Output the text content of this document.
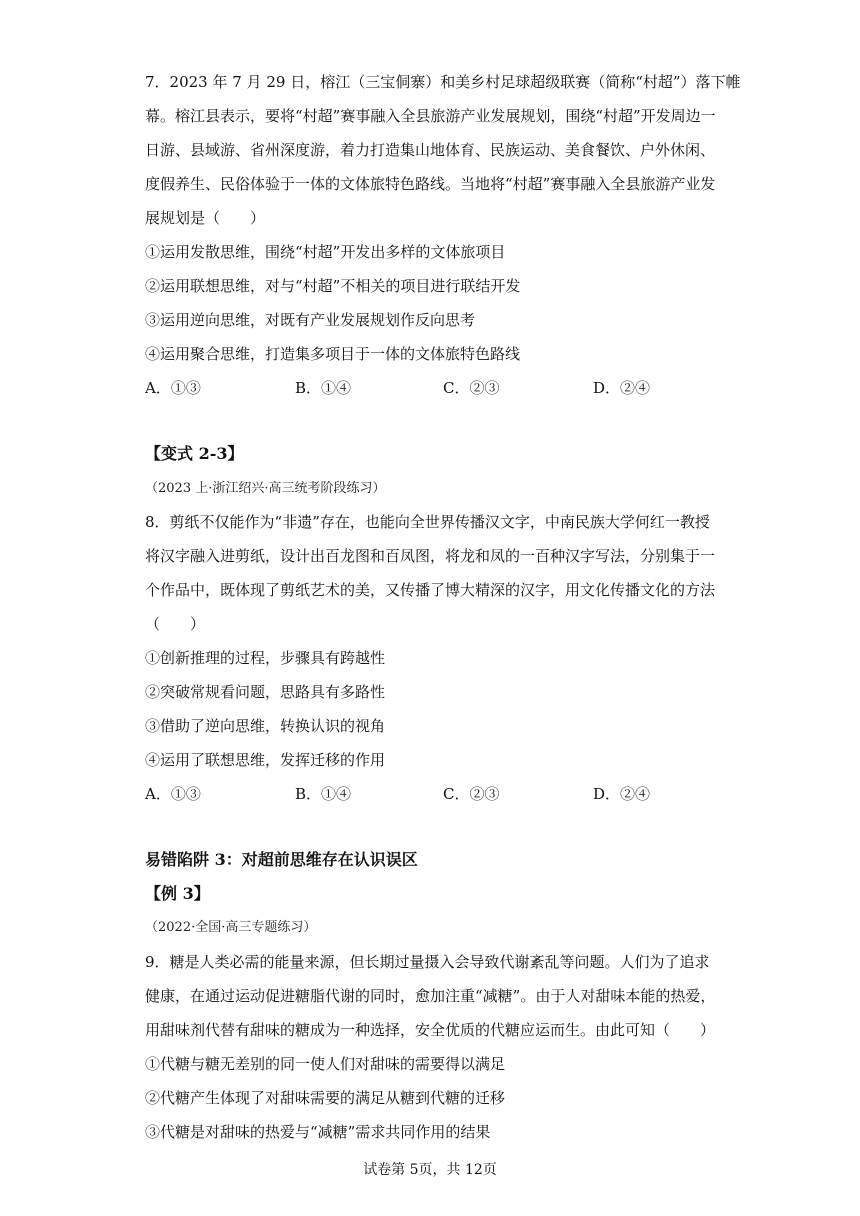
7．2023 年 7 月 29 日，榕江（三宝侗寨）和美乡村足球超级联赛（简称“村超”）落下帷
幕。榕江县表示，要将“村超”赛事融入全县旅游产业发展规划，围绕“村超”开发周边一
日游、县域游、省州深度游，着力打造集山地体育、民族运动、美食餐饮、户外休闲、
度假养生、民俗体验于一体的文体旅特色路线。当地将“村超”赛事融入全县旅游产业发
展规划是（　　）
①运用发散思维，围绕“村超”开发出多样的文体旅项目
②运用联想思维，对与“村超”不相关的项目进行联结开发
③运用逆向思维，对既有产业发展规划作反向思考
④运用聚合思维，打造集多项目于一体的文体旅特色路线
A．①③	B．①④	C．②③	D．②④
【变式 2-3】
（2023 上·浙江绍兴·高三统考阶段练习）
8．剪纸不仅能作为“非遗”存在，也能向全世界传播汉文字，中南民族大学何红一教授
将汉字融入进剪纸，设计出百龙图和百凤图，将龙和凤的一百种汉字写法，分别集于一
个作品中，既体现了剪纸艺术的美，又传播了博大精深的汉字，用文化传播文化的方法
（　　）
①创新推理的过程，步骤具有跨越性
②突破常规看问题，思路具有多路性
③借助了逆向思维，转换认识的视角
④运用了联想思维，发挥迁移的作用
A．①③	B．①④	C．②③	D．②④
易错陷阱 3：对超前思维存在认识误区
【例 3】
（2022·全国·高三专题练习）
9．糖是人类必需的能量来源，但长期过量摄入会导致代谢紊乱等问题。人们为了追求
健康，在通过运动促进糖脂代谢的同时，愈加注重“减糖”。由于人对甜味本能的热爱，
用甜味剂代替有甜味的糖成为一种选择，安全优质的代糖应运而生。由此可知（　　）
①代糖与糖无差别的同一使人们对甜味的需要得以满足
②代糖产生体现了对甜味需要的满足从糖到代糖的迁移
③代糖是对甜味的热爱与“减糖”需求共同作用的结果
试卷第 5页，共 12页
